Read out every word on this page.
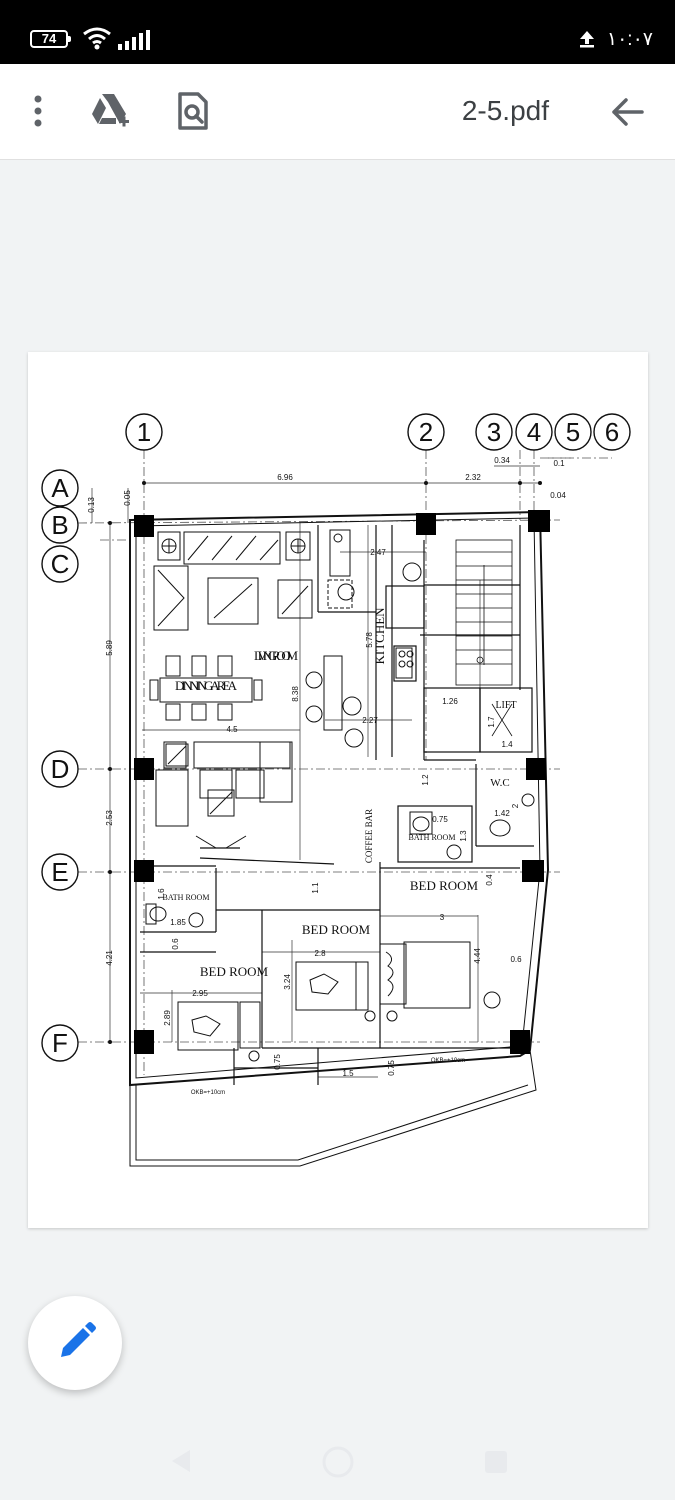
74	۱۰:۰۷
2-5.pdf
1	2 3 4 5 6
A
B
C
D
E
F
LIVING ROOM
DINNING AREA
KITCHEN
LIFT
W.C
COFFEE BAR	BATH ROOM
BATH ROOM
BED ROOM
BED ROOM
BED ROOM
6.96	2.32
0.34	0.1
0.04
0.13	0.05
5.89
2.53
4.21
2.47
5.78
8.38
2.27
4.5
1.26
1.7
1.4
1.2
2
1.42
0.75
1.3
0.4
1.1
1.6
1.85
0.6
2.8
3
4.44	0.6
3.24
2.95
2.89
0.75
1.5	0.75
OKB=+10cm
OKB=+10cm
